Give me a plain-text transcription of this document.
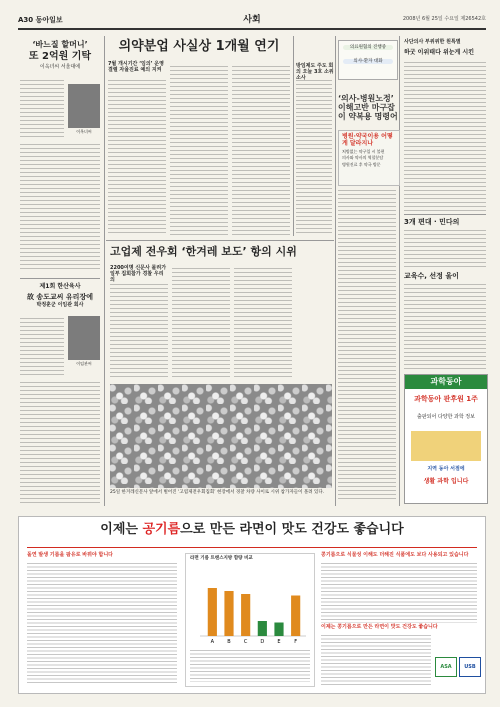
A30 동아일보	사회	2008년 6월 25일 수요일 제26542호
‘바느질 할머니’
또 2억원 기탁
이옥녀씨 서울대에
이옥녀씨
제1회 한산육사
故 송도교씨 유리장에
박정훈군 이임관 회사
이임관씨
의약분업 사실상 1개월 연기
7월 개시기간 ‘임의’ 운영 결렬 자율진료 예의 지켜
방임제도 주도 회의 오늘 3호 소위소사
고업제 전우회 ‘한겨레 보도’ 항의 시위
2200여명 신문사 몰려가 일부 집회참가 경찰 우리의
25일 한겨레신문사 앞에서 벌어진 ‘고엽제전우회집회’ 현장에서 경찰 차량 사이로 시위 참가자들이 몰려 있다.
의료원협의 진행중
의사-환자 대화
‘의사-병원노정’ 이해고반 마구잡이 약복용 명령어
병원·약국이용 어떻게 달라지나
처방없는 약구입 시 불편
의사와 약사의 역할분담
병원진료 후 약국 방문
사단의사 부위위한 원특별
하굿 이위태다 위눈게 시킨
3개 편대 · 민다의
교육수, 선정 울이
과학동아
과학동아 판후원 1주
출판되어 다양한 과학 정보
지역 동아 서점에
생활 과학 입니다
이제는 공기름으로 만든 라면이 맛도 건강도 좋습니다
돌연 발생 기름을 팜유로 바꿔야 합니다
라면 기름 트랜스지방 함량 비교
A	B	C	D	E	F
콩기름으로 식물성 이해도 더해진 식품에도 보다 사용되고 있습니다
이제는 콩기름으로 만든 라면이 맛도 건강도 좋습니다
ASA	USB
